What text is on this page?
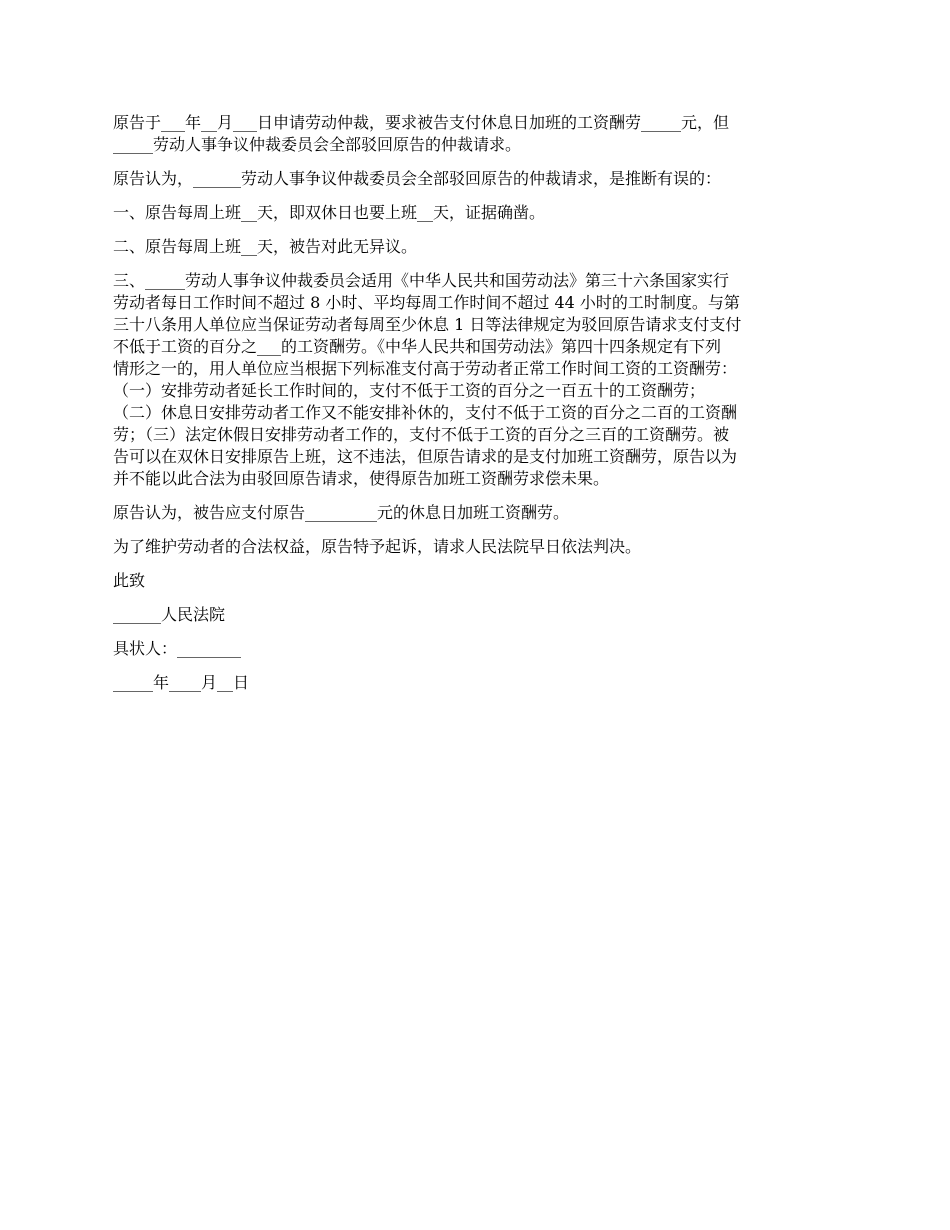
原告于___年__月___日申请劳动仲裁，要求被告支付休息日加班的工资酬劳_____元，但
_____劳动人事争议仲裁委员会全部驳回原告的仲裁请求。

原告认为，______劳动人事争议仲裁委员会全部驳回原告的仲裁请求，是推断有误的：

一、原告每周上班__天，即双休日也要上班__天，证据确凿。

二、原告每周上班__天，被告对此无异议。

三、_____劳动人事争议仲裁委员会适用《中华人民共和国劳动法》第三十六条国家实行
劳动者每日工作时间不超过 8 小时、平均每周工作时间不超过 44 小时的工时制度。与第
三十八条用人单位应当保证劳动者每周至少休息 1 日等法律规定为驳回原告请求支付支付
不低于工资的百分之___的工资酬劳。《中华人民共和国劳动法》第四十四条规定有下列
情形之一的，用人单位应当根据下列标准支付高于劳动者正常工作时间工资的工资酬劳：
（一）安排劳动者延长工作时间的，支付不低于工资的百分之一百五十的工资酬劳；
（二）休息日安排劳动者工作又不能安排补休的，支付不低于工资的百分之二百的工资酬
劳；（三）法定休假日安排劳动者工作的，支付不低于工资的百分之三百的工资酬劳。被
告可以在双休日安排原告上班，这不违法，但原告请求的是支付加班工资酬劳，原告以为
并不能以此合法为由驳回原告请求，使得原告加班工资酬劳求偿未果。

原告认为，被告应支付原告_________元的休息日加班工资酬劳。

为了维护劳动者的合法权益，原告特予起诉，请求人民法院早日依法判决。

此致

______人民法院

具状人：________

_____年____月__日
